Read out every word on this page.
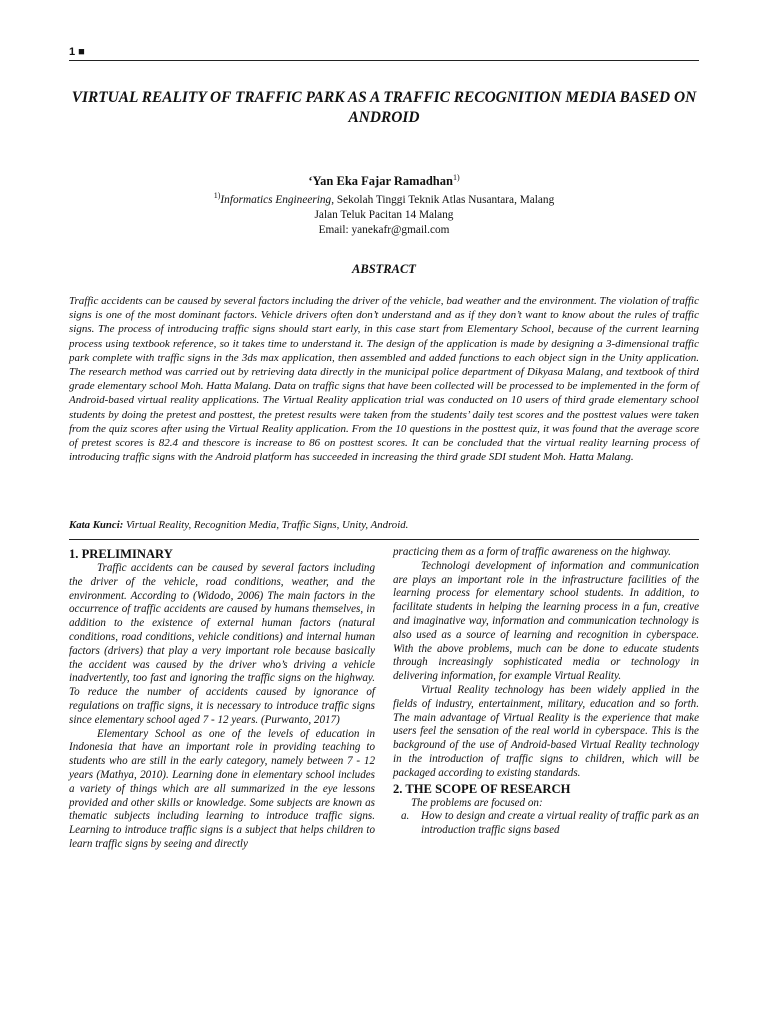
1 ■
VIRTUAL REALITY OF TRAFFIC PARK AS A TRAFFIC RECOGNITION MEDIA BASED ON ANDROID
‘Yan Eka Fajar Ramadhan$^{1)}$
$^{1)}$Informatics Engineering, Sekolah Tinggi Teknik Atlas Nusantara, Malang
Jalan Teluk Pacitan 14 Malang
Email: yanekafr@gmail.com
ABSTRACT
Traffic accidents can be caused by several factors including the driver of the vehicle, bad weather and the environment. The violation of traffic signs is one of the most dominant factors. Vehicle drivers often don’t understand and as if they don’t want to know about the rules of traffic signs. The process of introducing traffic signs should start early, in this case start from Elementary School, because of the current learning process using textbook reference, so it takes time to understand it. The design of the application is made by designing a 3-dimensional traffic park complete with traffic signs in the 3ds max application, then assembled and added functions to each object sign in the Unity application. The research method was carried out by retrieving data directly in the municipal police department of Dikyasa Malang, and textbook of third grade elementary school Moh. Hatta Malang. Data on traffic signs that have been collected will be processed to be implemented in the form of Android-based virtual reality applications. The Virtual Reality application trial was conducted on 10 users of third grade elementary school students by doing the pretest and posttest, the pretest results were taken from the students’ daily test scores and the posttest values were taken from the quiz scores after using the Virtual Reality application. From the 10 questions in the posttest quiz, it was found that the average score of pretest scores is 82.4 and thescore is increase to 86 on posttest scores. It can be concluded that the virtual reality learning process of introducing traffic signs with the Android platform has succeeded in increasing the third grade SDI student Moh. Hatta Malang.
Kata Kunci: Virtual Reality, Recognition Media, Traffic Signs, Unity, Android.

1. PRELIMINARY

Traffic accidents can be caused by several factors including the driver of the vehicle, road conditions, weather, and the environment. According to (Widodo, 2006) The main factors in the occurrence of traffic accidents are caused by humans themselves, in addition to the existence of external human factors (natural conditions, road conditions, vehicle conditions) and internal human factors (drivers) that play a very important role because basically the accident was caused by the driver who’s driving a vehicle inadvertently, too fast and ignoring the traffic signs on the highway. To reduce the number of accidents caused by ignorance of regulations on traffic signs, it is necessary to introduce traffic signs since elementary school aged 7 - 12 years. (Purwanto, 2017)

Elementary School as one of the levels of education in Indonesia that have an important role in providing teaching to students who are still in the early category, namely between 7 - 12 years (Mathya, 2010). Learning done in elementary school includes a variety of things which are all summarized in the eye lessons provided and other skills or knowledge. Some subjects are known as thematic subjects including learning to introduce traffic signs. Learning to introduce traffic signs is a subject that helps children to learn traffic signs by seeing and directly

practicing them as a form of traffic awareness on the highway.

Technologi development of information and communication are plays an important role in the infrastructure facilities of the learning process for elementary school students. In addition, to facilitate students in helping the learning process in a fun, creative and imaginative way, information and communication technology is also used as a source of learning and recognition in cyberspace. With the above problems, much can be done to educate students through increasingly sophisticated media or technology in delivering information, for example Virtual Reality.

Virtual Reality technology has been widely applied in the fields of industry, entertainment, military, education and so forth. The main advantage of Virtual Reality is the experience that make users feel the sensation of the real world in cyberspace. This is the background of the use of Android-based Virtual Reality technology in the introduction of traffic signs to children, which will be packaged according to existing standards.

2. THE SCOPE OF RESEARCH

The problems are focused on:

a.	How to design and create a virtual reality of traffic park as an introduction traffic signs based
